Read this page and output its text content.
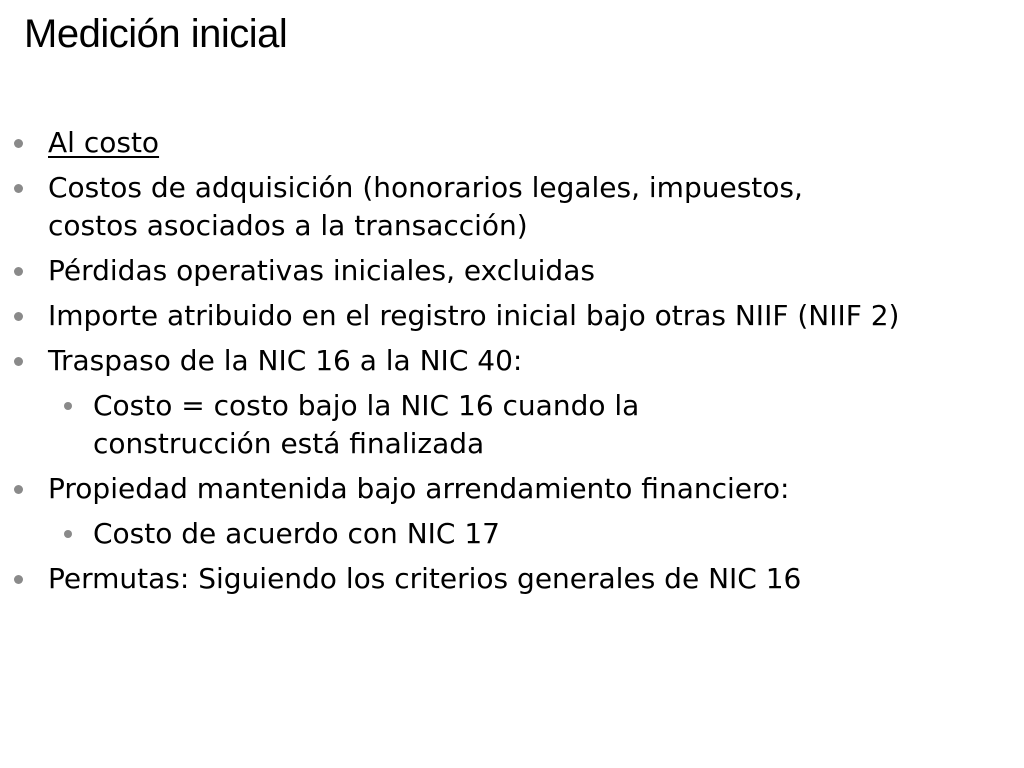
Medición inicial
Al costo
Costos de adquisición (honorarios legales, impuestos, costos asociados a la transacción)
Pérdidas operativas iniciales, excluidas
Importe atribuido en el registro inicial bajo otras NIIF (NIIF 2)
Traspaso de la NIC 16 a la NIC 40:
Costo = costo bajo la NIC 16 cuando la construcción está finalizada
Propiedad mantenida bajo arrendamiento financiero:
Costo de acuerdo con NIC 17
Permutas: Siguiendo los criterios generales de NIC 16
